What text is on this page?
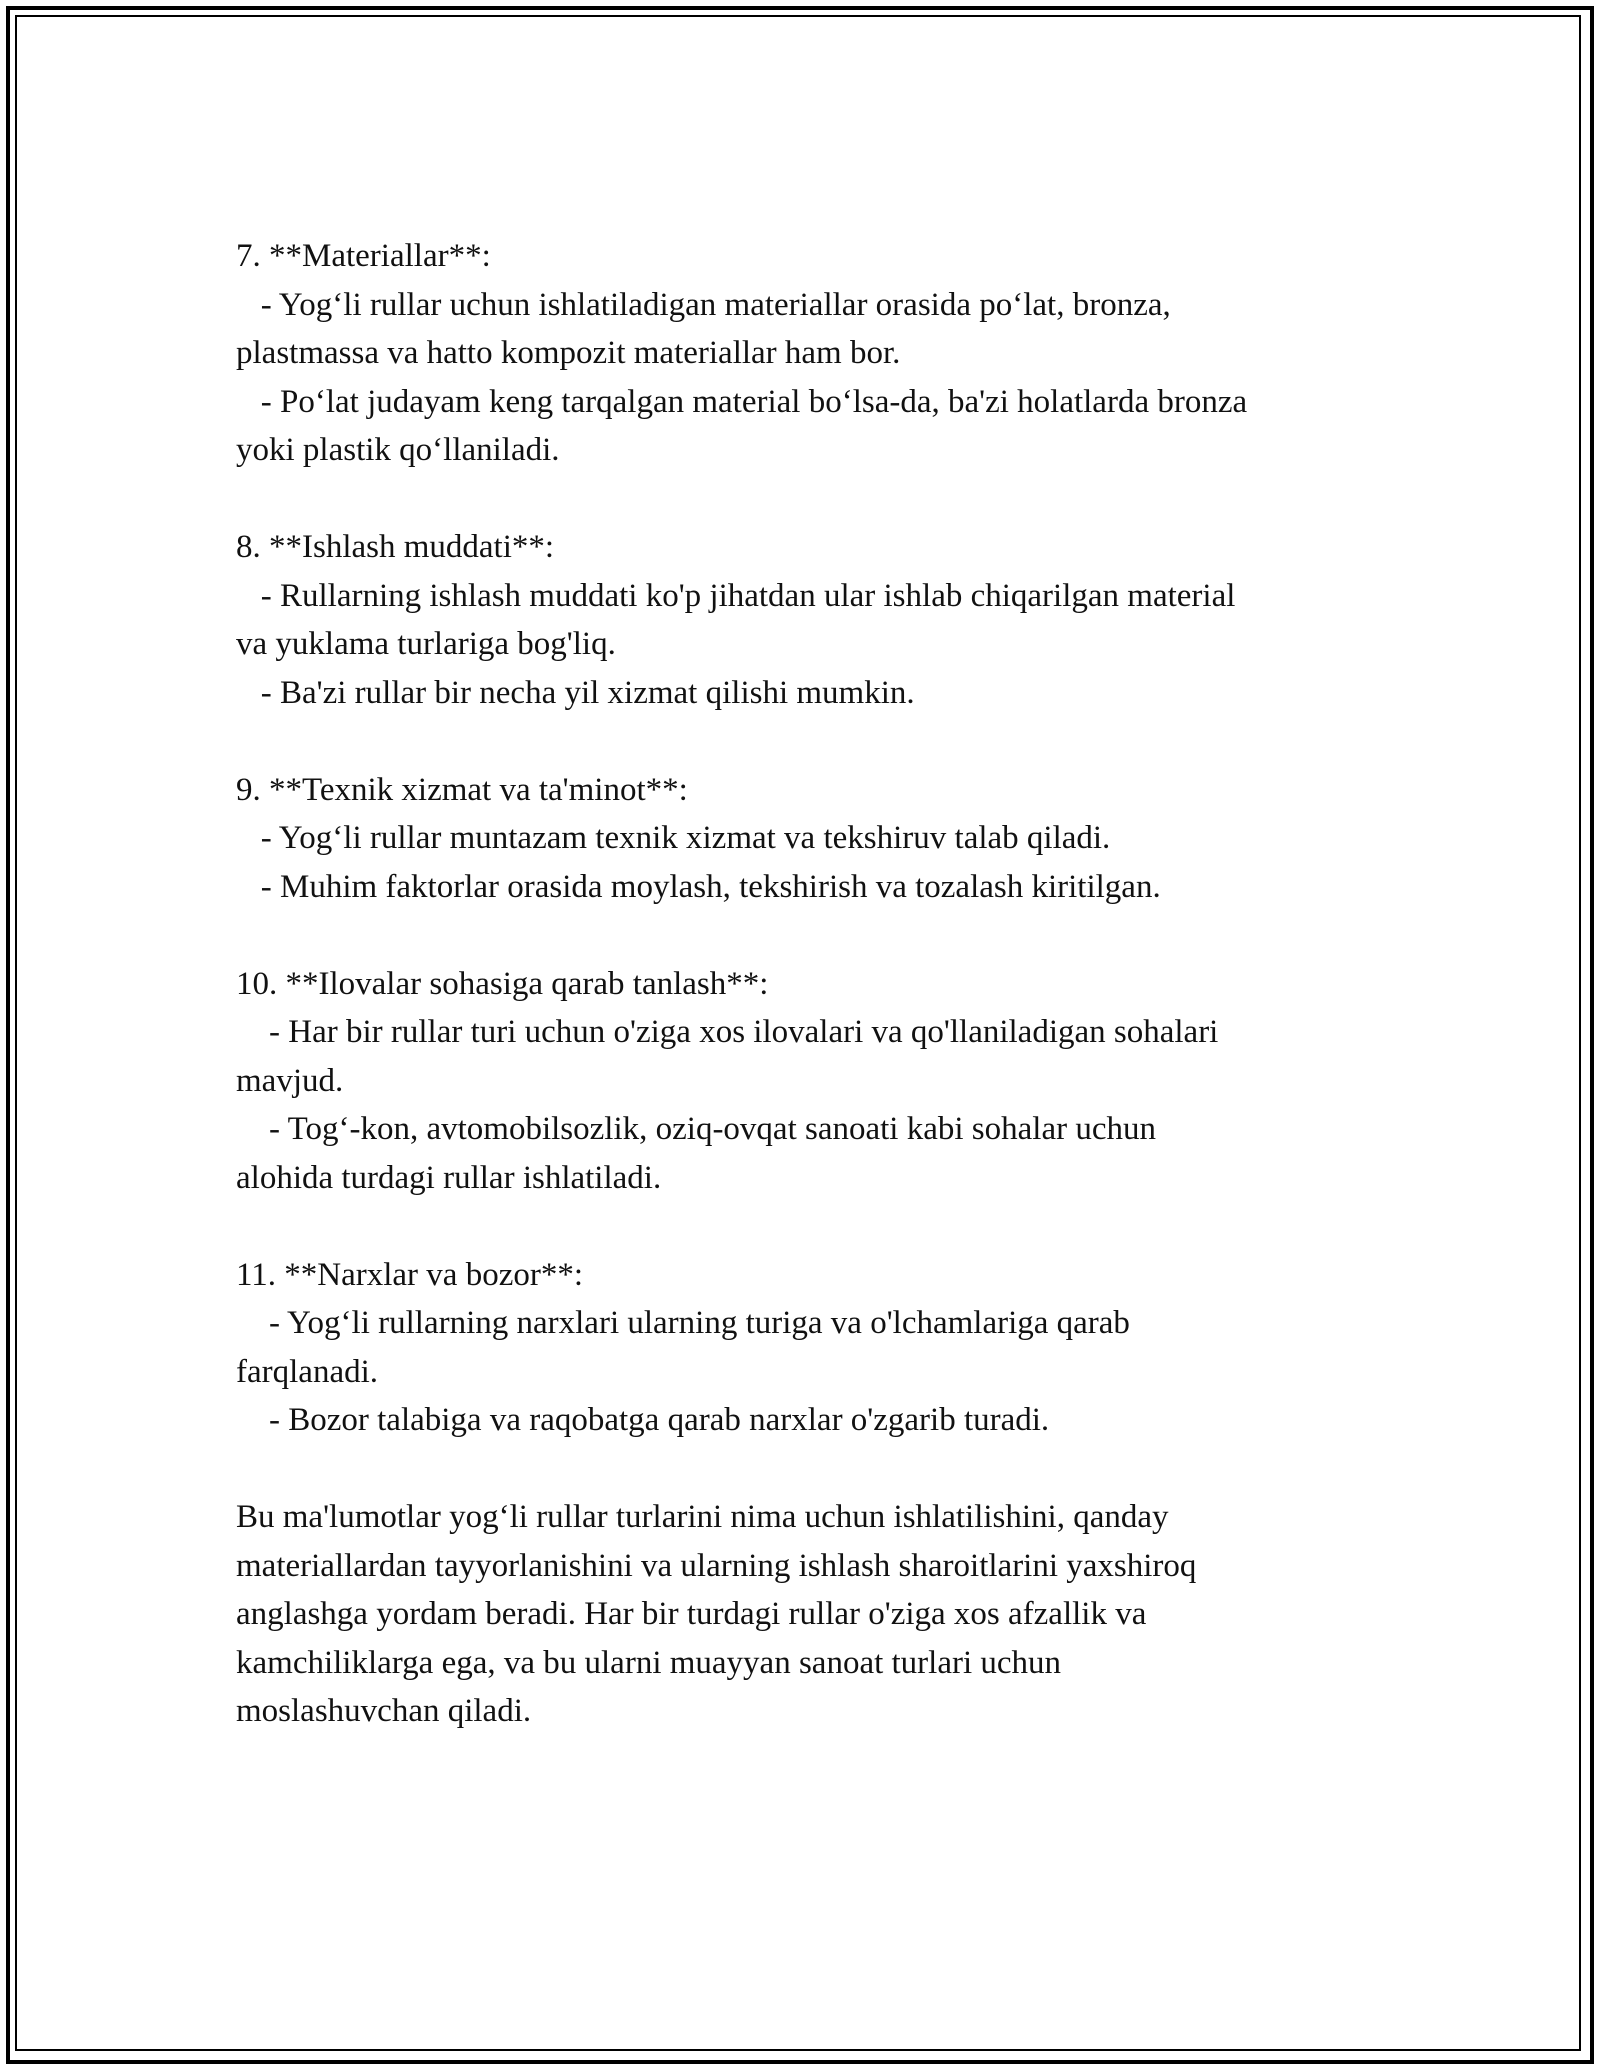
7. **Materiallar**:
- Yog‘li rullar uchun ishlatiladigan materiallar orasida po‘lat, bronza,
plastmassa va hatto kompozit materiallar ham bor.
- Po‘lat judayam keng tarqalgan material bo‘lsa-da, ba'zi holatlarda bronza
yoki plastik qo‘llaniladi.
8. **Ishlash muddati**:
- Rullarning ishlash muddati ko'p jihatdan ular ishlab chiqarilgan material
va yuklama turlariga bog'liq.
- Ba'zi rullar bir necha yil xizmat qilishi mumkin.
9. **Texnik xizmat va ta'minot**:
- Yog‘li rullar muntazam texnik xizmat va tekshiruv talab qiladi.
- Muhim faktorlar orasida moylash, tekshirish va tozalash kiritilgan.
10. **Ilovalar sohasiga qarab tanlash**:
- Har bir rullar turi uchun o'ziga xos ilovalari va qo'llaniladigan sohalari
mavjud.
- Tog‘-kon, avtomobilsozlik, oziq-ovqat sanoati kabi sohalar uchun
alohida turdagi rullar ishlatiladi.
11. **Narxlar va bozor**:
- Yog‘li rullarning narxlari ularning turiga va o'lchamlariga qarab
farqlanadi.
- Bozor talabiga va raqobatga qarab narxlar o'zgarib turadi.
Bu ma'lumotlar yog‘li rullar turlarini nima uchun ishlatilishini, qanday
materiallardan tayyorlanishini va ularning ishlash sharoitlarini yaxshiroq
anglashga yordam beradi. Har bir turdagi rullar o'ziga xos afzallik va
kamchiliklarga ega, va bu ularni muayyan sanoat turlari uchun
moslashuvchan qiladi.
